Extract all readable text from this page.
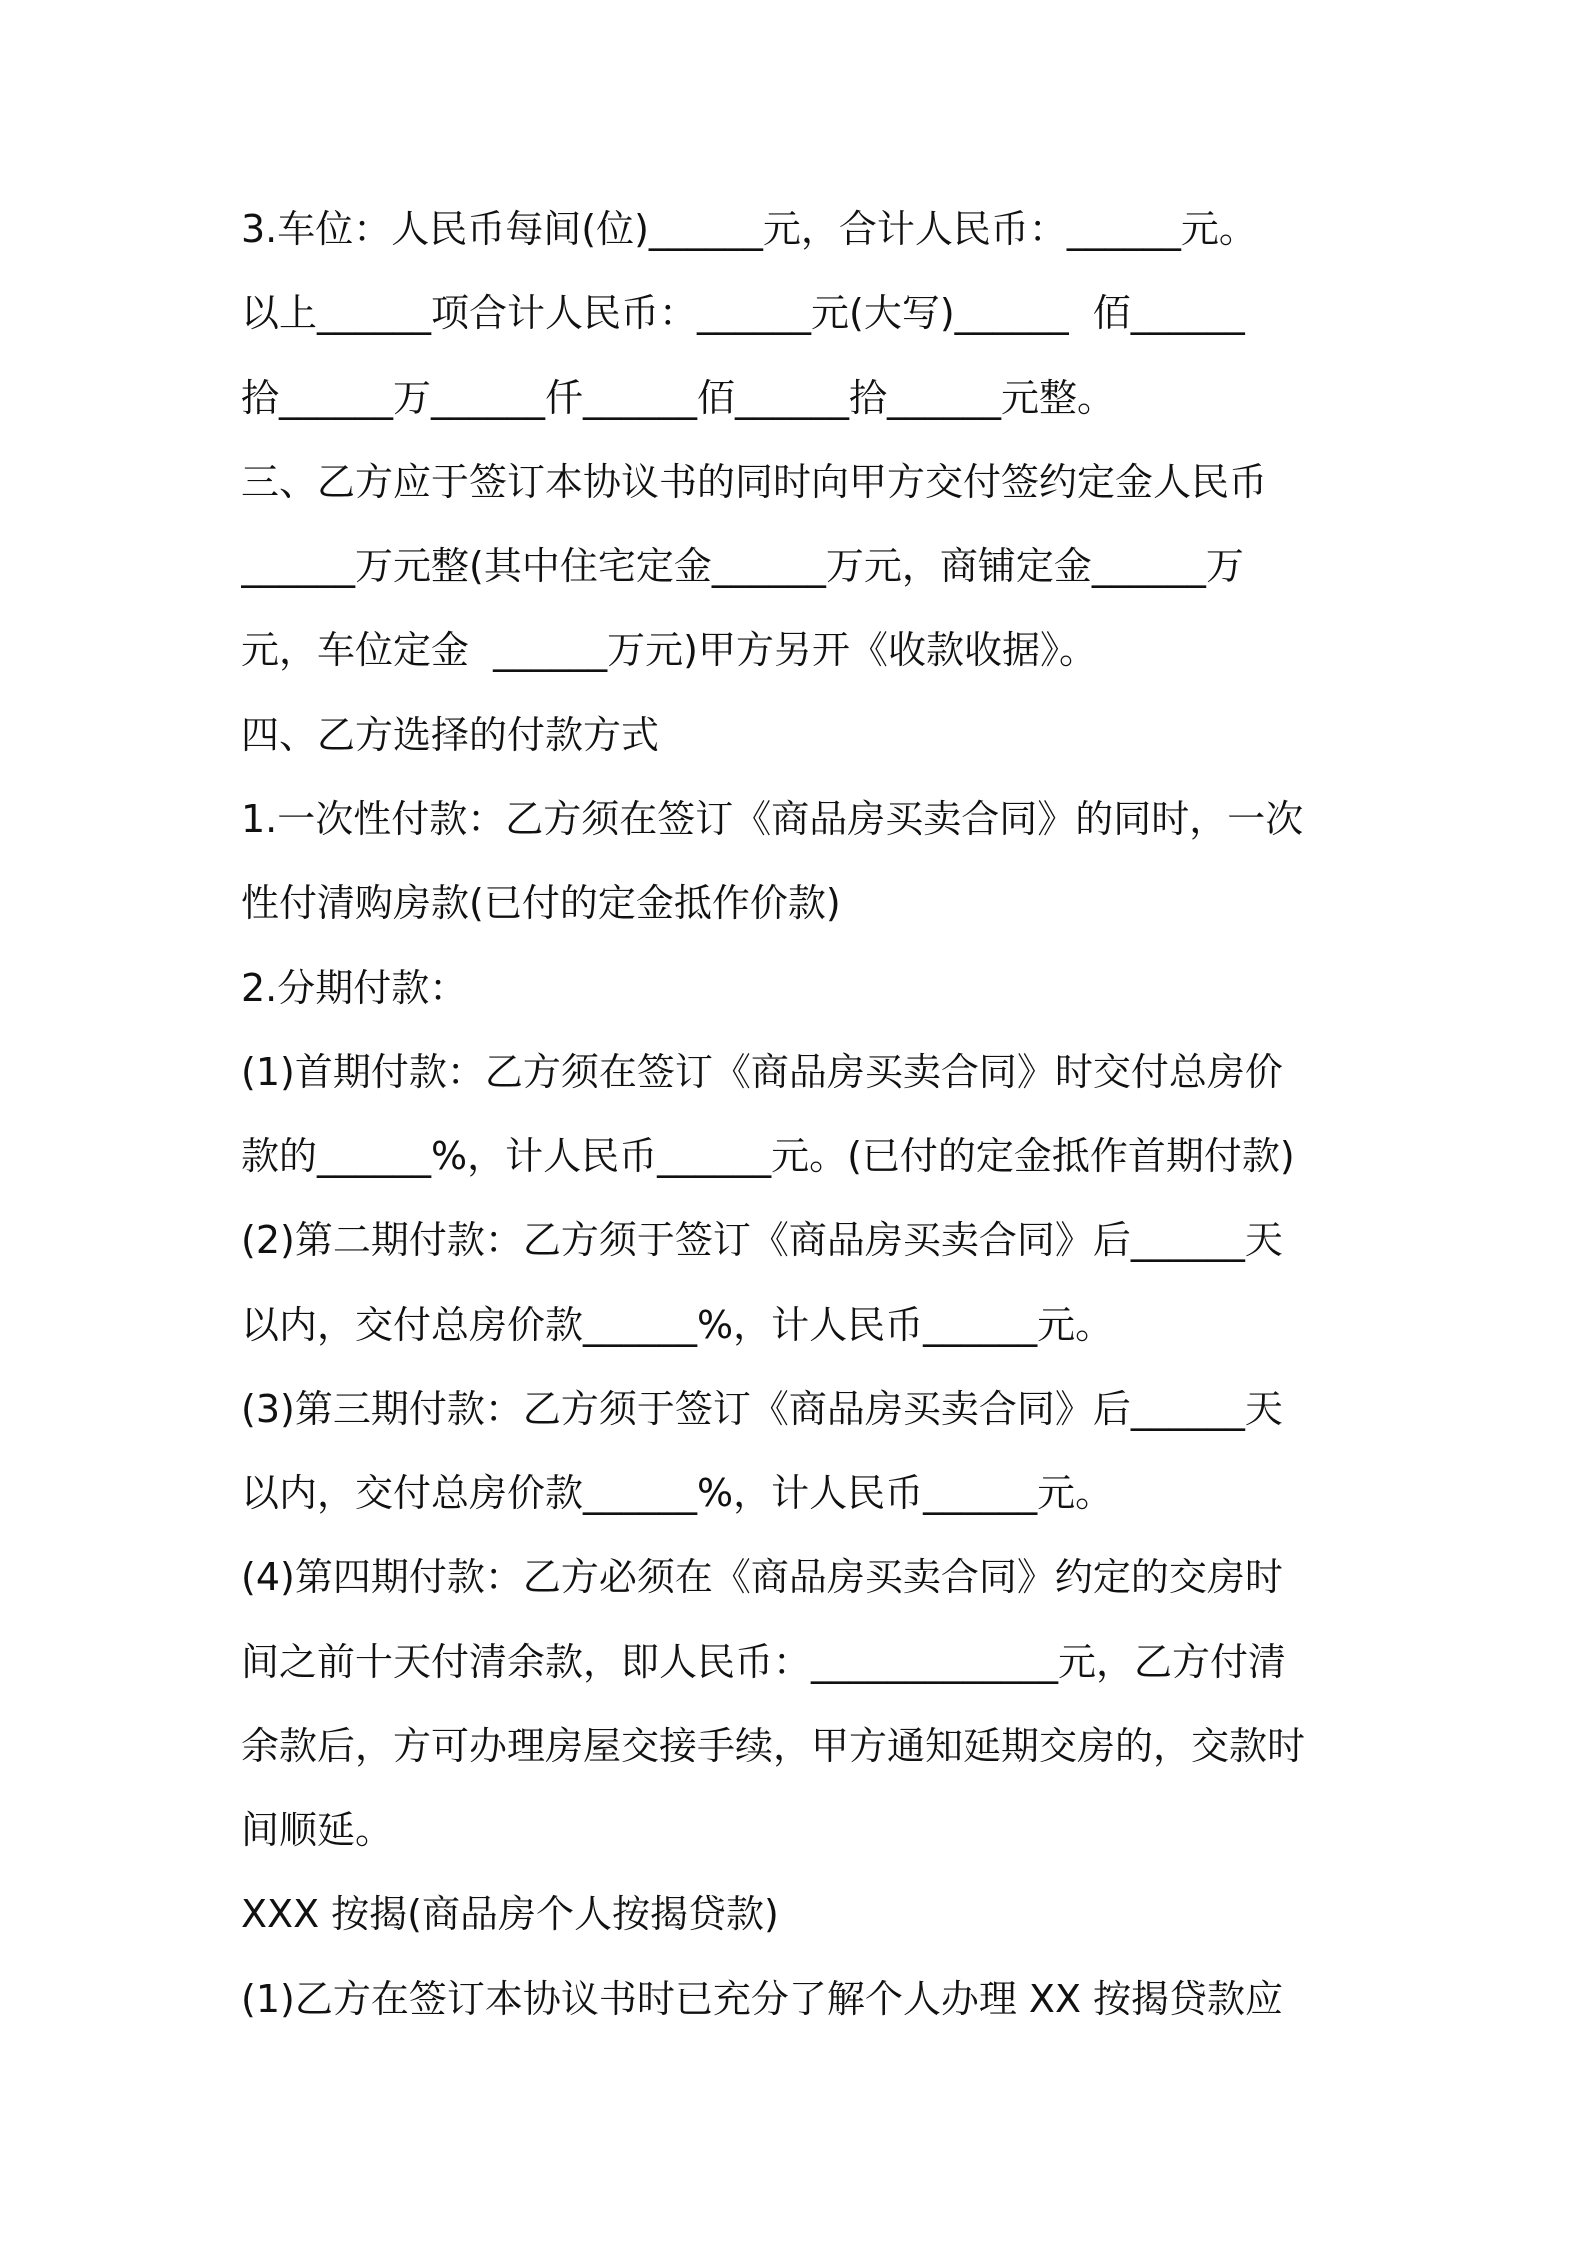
3.车位：人民币每间(位)______元，合计人民币：______元。
以上______项合计人民币：______元(大写)______  佰______
拾______万______仟______佰______拾______元整。
三、乙方应于签订本协议书的同时向甲方交付签约定金人民币
______万元整(其中住宅定金______万元，商铺定金______万
元，车位定金  ______万元)甲方另开《收款收据》。
四、乙方选择的付款方式
1.一次性付款：乙方须在签订《商品房买卖合同》的同时，一次
性付清购房款(已付的定金抵作价款)
2.分期付款：
(1)首期付款：乙方须在签订《商品房买卖合同》时交付总房价
款的______%，计人民币______元。(已付的定金抵作首期付款)
(2)第二期付款：乙方须于签订《商品房买卖合同》后______天
以内，交付总房价款______%，计人民币______元。
(3)第三期付款：乙方须于签订《商品房买卖合同》后______天
以内，交付总房价款______%，计人民币______元。
(4)第四期付款：乙方必须在《商品房买卖合同》约定的交房时
间之前十天付清余款，即人民币：_____________元，乙方付清
余款后，方可办理房屋交接手续，甲方通知延期交房的，交款时
间顺延。
XXX 按揭(商品房个人按揭贷款)
(1)乙方在签订本协议书时已充分了解个人办理 XX 按揭贷款应
